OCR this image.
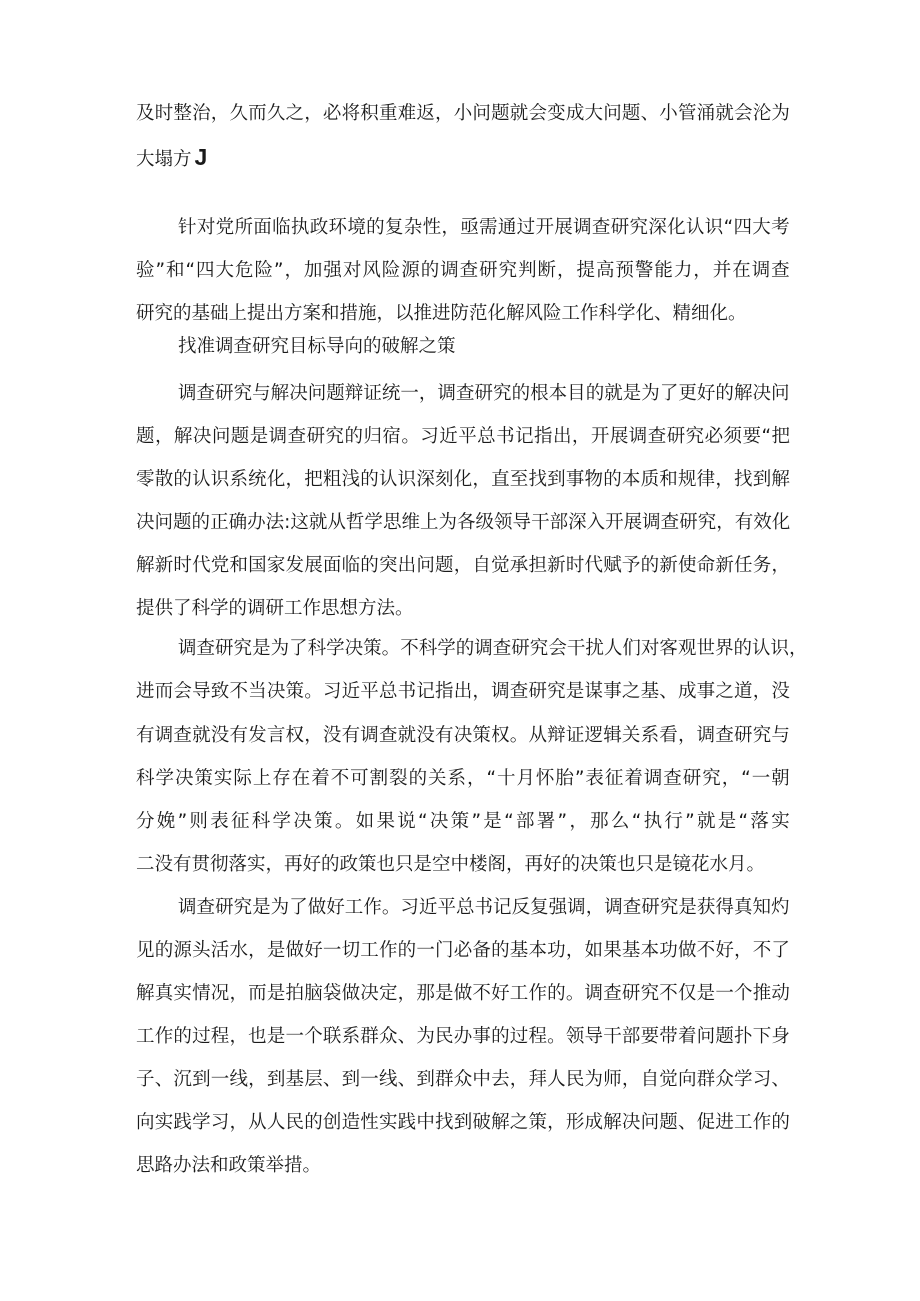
及 时 整 治 ， 久 而 久 之 ， 必 将 积 重 难 返 ， 小 问 题 就 会 变 成 大 问 题 、 小 管 涌 就 会 沦 为
大塌方 J
针 对 党 所 面 临 执 政 环 境 的 复 杂 性 ， 亟 需 通 过 开 展 调 查 研 究 深 化 认 识 “ 四 大 考
验 ” 和 “ 四 大 危 险 ” ， 加 强 对 风 险 源 的 调 查 研 究 判 断 ， 提 高 预 警 能 力 ， 并 在 调 查
研究的基础上提出方案和措施，以推进防范化解风险工作科学化、精细化。
找准调查研究目标导向的破解之策
调 查 研 究 与 解 决 问 题 辩 证 统 一 ， 调 查 研 究 的 根 本 目 的 就 是 为 了 更 好 的 解 决 问
题 ， 解 决 问 题 是 调 查 研 究 的 归 宿 。 习 近 平 总 书 记 指 出 ， 开 展 调 查 研 究 必 须 要 “ 把
零 散 的 认 识 系 统 化 ， 把 粗 浅 的 认 识 深 刻 化 ， 直 至 找 到 事 物 的 本 质 和 规 律 ， 找 到 解
决 问 题 的 正 确 办 法 : 这 就 从 哲 学 思 维 上 为 各 级 领 导 干 部 深 入 开 展 调 查 研 究 ， 有 效 化
解 新 时 代 党 和 国 家 发 展 面 临 的 突 出 问 题 ， 自 觉 承 担 新 时 代 赋 予 的 新 使 命 新 任 务 ，
提供了科学的调研工作思想方法。
调 查 研 究 是 为 了 科 学 决 策 。 不 科 学 的 调 查 研 究 会 干 扰 人 们 对 客 观 世 界 的 认 识 ，
进 而 会 导 致 不 当 决 策 。 习 近 平 总 书 记 指 出 ， 调 查 研 究 是 谋 事 之 基 、 成 事 之 道 ， 没
有 调 查 就 没 有 发 言 权 ， 没 有 调 查 就 没 有 决 策 权 。 从 辩 证 逻 辑 关 系 看 ， 调 查 研 究 与
科 学 决 策 实 际 上 存 在 着 不 可 割 裂 的 关 系 ， “ 十 月 怀 胎 ” 表 征 着 调 查 研 究 ， “ 一 朝
分 娩 ” 则 表 征 科 学 决 策 。 如 果 说 “ 决 策 ” 是 “ 部 署 ” ， 那 么 “ 执 行 ” 就 是 “ 落 实
二没有贯彻落实，再好的政策也只是空中楼阁，再好的决策也只是镜花水月。
调 查 研 究 是 为 了 做 好 工 作 。 习 近 平 总 书 记 反 复 强 调 ， 调 查 研 究 是 获 得 真 知 灼
见 的 源 头 活 水 ， 是 做 好 一 切 工 作 的 一 门 必 备 的 基 本 功 ， 如 果 基 本 功 做 不 好 ， 不 了
解 真 实 情 况 ， 而 是 拍 脑 袋 做 决 定 ， 那 是 做 不 好 工 作 的 。 调 查 研 究 不 仅 是 一 个 推 动
工 作 的 过 程 ， 也 是 一 个 联 系 群 众 、 为 民 办 事 的 过 程 。 领 导 干 部 要 带 着 问 题 扑 下 身
子 、 沉 到 一 线 ， 到 基 层 、 到 一 线 、 到 群 众 中 去 ， 拜 人 民 为 师 ， 自 觉 向 群 众 学 习 、
向 实 践 学 习 ， 从 人 民 的 创 造 性 实 践 中 找 到 破 解 之 策 ， 形 成 解 决 问 题 、 促 进 工 作 的
思路办法和政策举措。
